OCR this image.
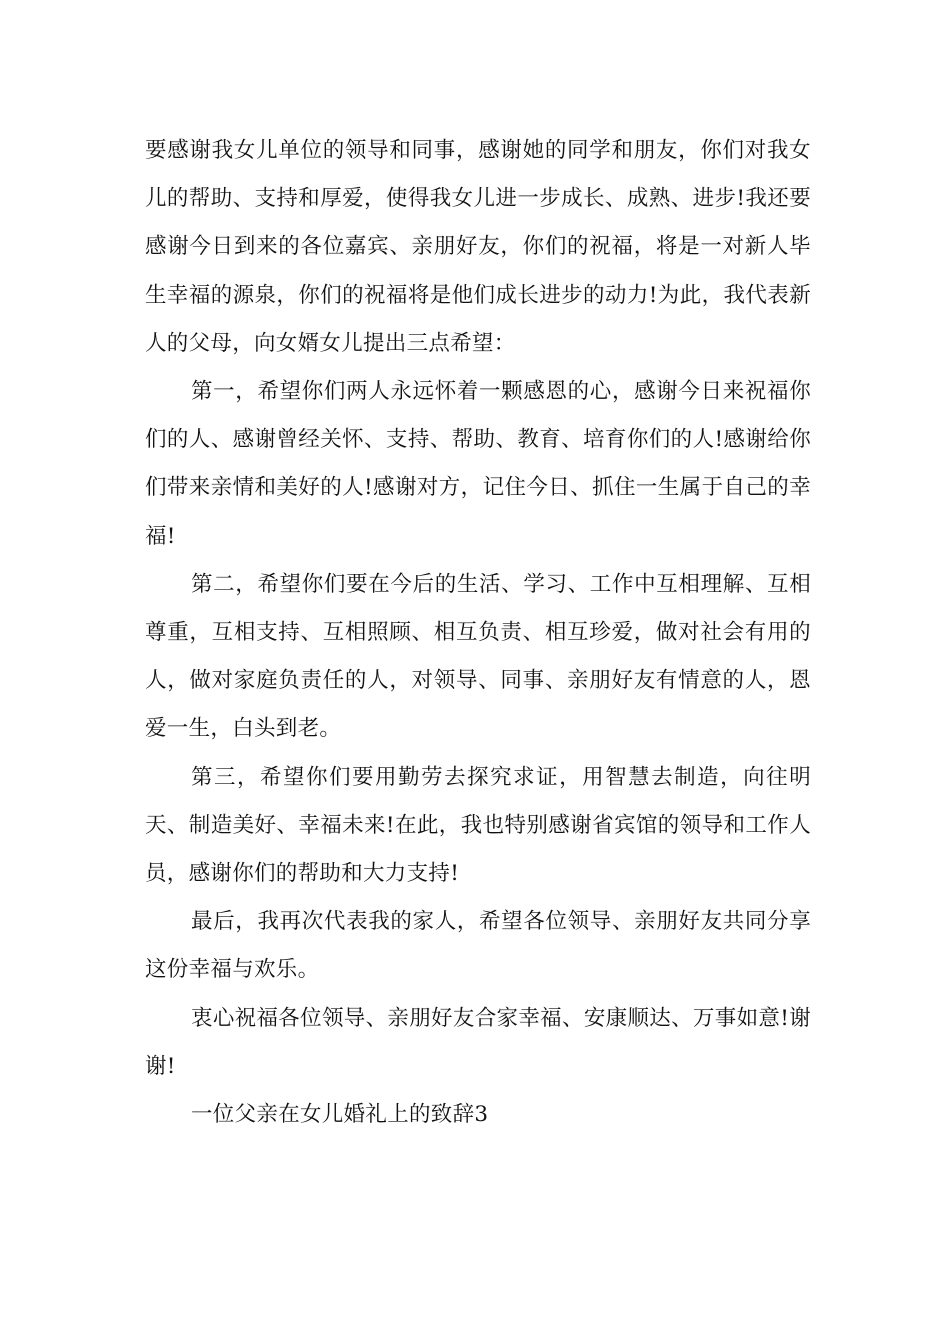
要感谢我女儿单位的领导和同事，感谢她的同学和朋友，你们对我女儿的帮助、支持和厚爱，使得我女儿进一步成长、成熟、进步!我还要感谢今日到来的各位嘉宾、亲朋好友，你们的祝福，将是一对新人毕生幸福的源泉，你们的祝福将是他们成长进步的动力!为此，我代表新人的父母，向女婿女儿提出三点希望：

第一，希望你们两人永远怀着一颗感恩的心，感谢今日来祝福你们的人、感谢曾经关怀、支持、帮助、教育、培育你们的人!感谢给你们带来亲情和美好的人!感谢对方，记住今日、抓住一生属于自己的幸福!

第二，希望你们要在今后的生活、学习、工作中互相理解、互相尊重，互相支持、互相照顾、相互负责、相互珍爱，做对社会有用的人，做对家庭负责任的人，对领导、同事、亲朋好友有情意的人，恩爱一生，白头到老。

第三，希望你们要用勤劳去探究求证，用智慧去制造，向往明天、制造美好、幸福未来!在此，我也特别感谢省宾馆的领导和工作人员，感谢你们的帮助和大力支持!

最后，我再次代表我的家人，希望各位领导、亲朋好友共同分享这份幸福与欢乐。

衷心祝福各位领导、亲朋好友合家幸福、安康顺达、万事如意!谢谢!

一位父亲在女儿婚礼上的致辞3
